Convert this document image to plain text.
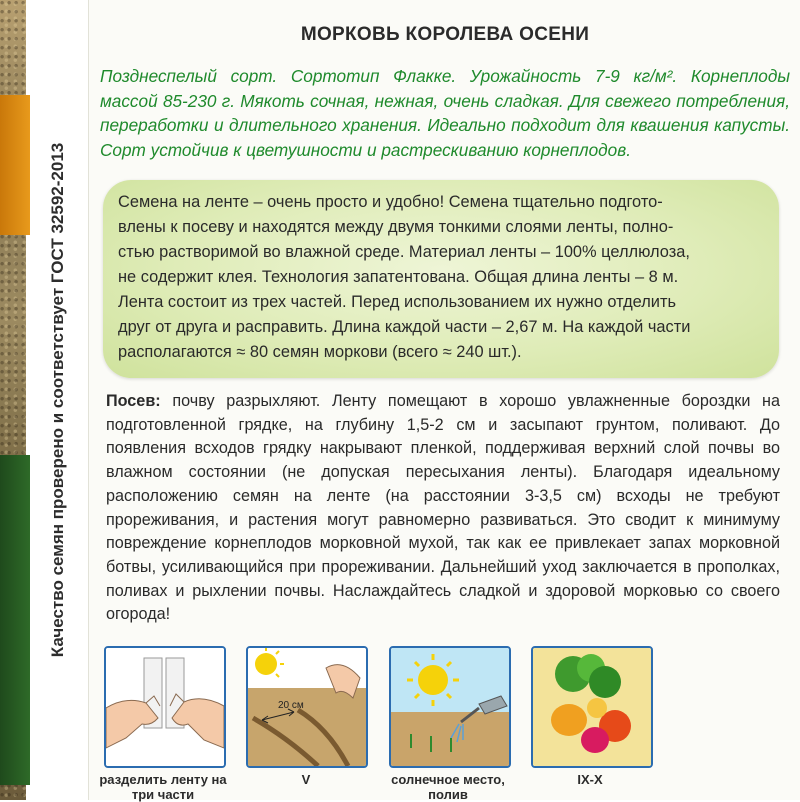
Качество семян проверено и соответствует ГОСТ 32592-2013
МОРКОВЬ КОРОЛЕВА ОСЕНИ
Позднеспелый сорт. Сортотип Флакке. Урожайность 7-9 кг/м². Корнеплоды массой 85-230 г. Мякоть сочная, нежная, очень сладкая. Для свежего потребления, переработки и длительного хранения. Идеально подходит для квашения капусты. Сорт устойчив к цветушности и растрескиванию корнеплодов.
Семена на ленте – очень просто и удобно! Семена тщательно подгото-
влены к посеву и находятся между двумя тонкими слоями ленты, полно-
стью растворимой во влажной среде. Материал ленты – 100% целлюлоза,
не содержит клея. Технология запатентована. Общая длина ленты – 8 м.
Лента состоит из трех частей. Перед использованием их нужно отделить
друг от друга и расправить. Длина каждой части – 2,67 м. На каждой части
располагаются ≈ 80 семян моркови (всего ≈ 240 шт.).
Посев: почву разрыхляют. Ленту помещают в хорошо увлажненные бороздки на подготовленной грядке, на глубину 1,5-2 см и засыпают грунтом, поливают. До появления всходов грядку накрывают пленкой, поддерживая верхний слой почвы во влажном состоянии (не допуская пересыхания ленты). Благодаря идеальному расположению семян на ленте (на расстоянии 3-3,5 см) всходы не требуют прореживания, и растения могут равномерно развиваться. Это сводит к минимуму повреждение корнеплодов морковной мухой, так как ее привлекает запах морковной ботвы, усиливающийся при прореживании. Дальнейший уход заключается в прополках, поливах и рыхлении почвы. Наслаждайтесь сладкой и здоровой морковью со своего огорода!
разделить ленту на три части
20 см
V	солнечное место, полив
IX-X
